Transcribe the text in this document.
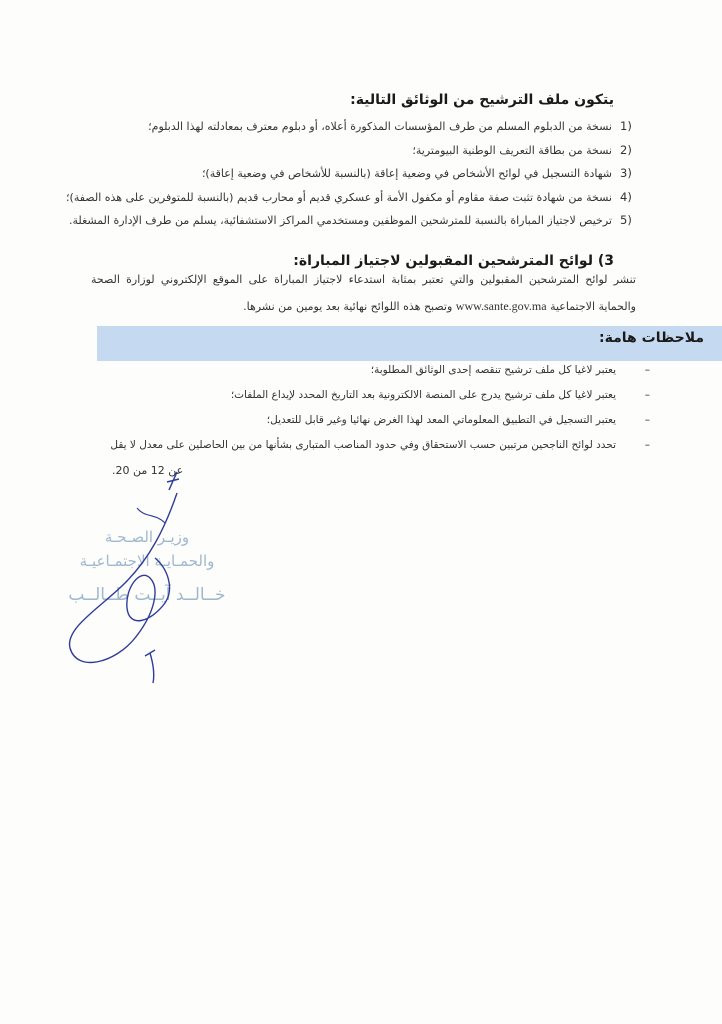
يتكون ملف الترشيح من الوثائق التالية:
1)
نسخة من الدبلوم المسلم من طرف المؤسسات المذكورة أعلاه، أو دبلوم معترف بمعادلته لهذا الدبلوم؛
2)
نسخة من بطاقة التعريف الوطنية البيومترية؛
3)
شهادة التسجيل في لوائح الأشخاص في وضعية إعاقة (بالنسبة للأشخاص في وضعية إعاقة)؛
4)
نسخة من شهادة تثبت صفة مقاوم أو مكفول الأمة أو عسكري قديم أو محارب قديم (بالنسبة للمتوفرين على هذه الصفة)؛
5)
ترخيص لاجتياز المباراة بالنسبة للمترشحين الموظفين ومستخدمي المراكز الاستشفائية، يسلم من طرف الإدارة المشغلة.
3) لوائح المترشحين المقبولين لاجتياز المباراة:

تنشر لوائح المترشحين المقبولين والتي تعتبر بمثابة استدعاء لاجتياز المباراة على الموقع الإلكتروني لوزارة الصحة والحماية الاجتماعية www.sante.gov.ma وتصبح هذه اللوائح نهائية بعد يومين من نشرها.

ملاحظات هامة:
–
يعتبر لاغيا كل ملف ترشيح تنقصه إحدى الوثائق المطلوبة؛
–
يعتبر لاغيا كل ملف ترشيح يدرج على المنصة الالكترونية بعد التاريخ المحدد لإيداع الملفات؛
–
يعتبر التسجيل في التطبيق المعلوماتي المعد لهذا الغرض نهائيا وغير قابل للتعديل؛
–
تحدد لوائح الناجحين مرتبين حسب الاستحقاق وفي حدود المناصب المتبارى بشأنها من بين الحاصلين على معدل لا يقل
عن 12 من 20.
وزيـر الصـحـة
والحمـايـة الاجتمـاعيـة
خــالــد آيــت طــالــب
